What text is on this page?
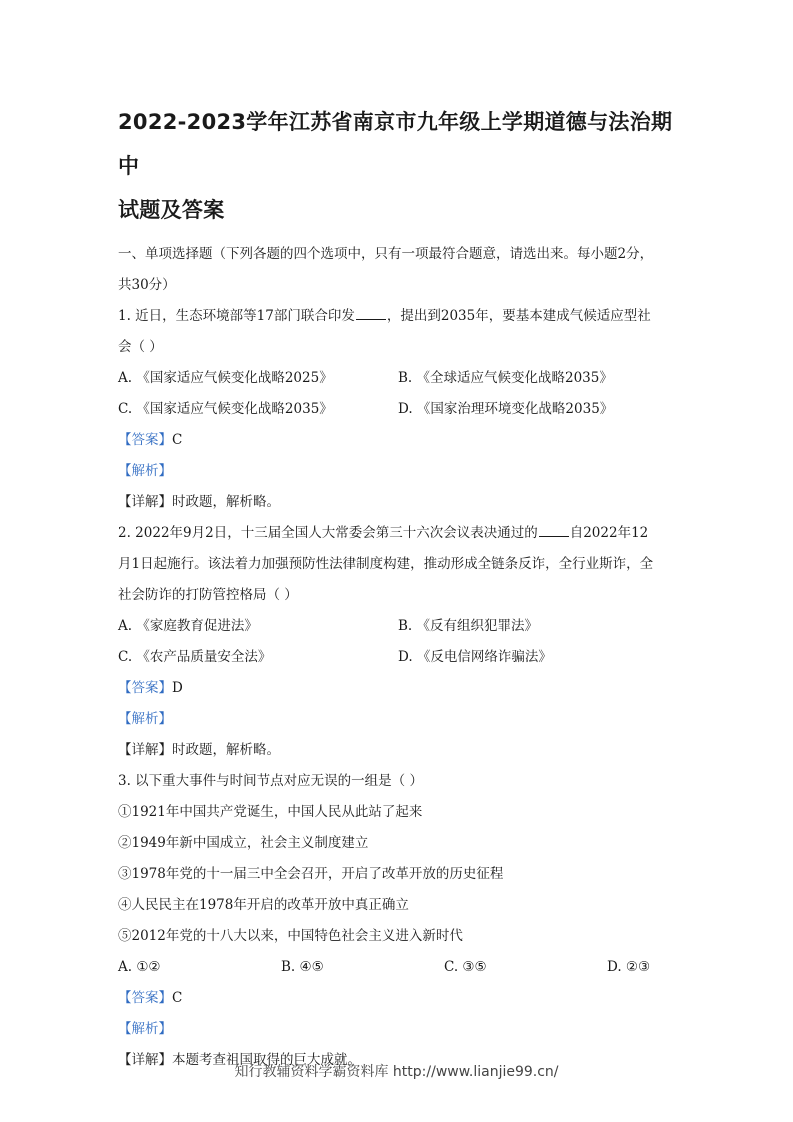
2022-2023学年江苏省南京市九年级上学期道德与法治期中
试题及答案
一、单项选择题（下列各题的四个选项中，只有一项最符合题意，请选出来。每小题2分，
共30分）
1. 近日，生态环境部等17部门联合印发 ，提出到2035年，要基本建成气候适应型社
会（ ）
A. 《国家适应气候变化战略2025》	B. 《全球适应气候变化战略2035》
C. 《国家适应气候变化战略2035》	D. 《国家治理环境变化战略2035》
【答案】C
【解析】
【详解】时政题，解析略。
2. 2022年9月2日，十三届全国人大常委会第三十六次会议表决通过的 自2022年12
月1日起施行。该法着力加强预防性法律制度构建，推动形成全链条反诈，全行业斯诈，全
社会防诈的打防管控格局（ ）
A. 《家庭教育促进法》	B. 《反有组织犯罪法》
C. 《农产品质量安全法》	D. 《反电信网络诈骗法》
【答案】D
【解析】
【详解】时政题，解析略。
3. 以下重大事件与时间节点对应无误的一组是（ ）
①1921年中国共产党诞生，中国人民从此站了起来
②1949年新中国成立，社会主义制度建立
③1978年党的十一届三中全会召开，开启了改革开放的历史征程
④人民民主在1978年开启的改革开放中真正确立
⑤2012年党的十八大以来，中国特色社会主义进入新时代
A. ①②	B. ④⑤	C. ③⑤	D. ②③
【答案】C
【解析】
【详解】本题考查祖国取得的巨大成就。
知行教辅资料学霸资料库 http://www.lianjie99.cn/
